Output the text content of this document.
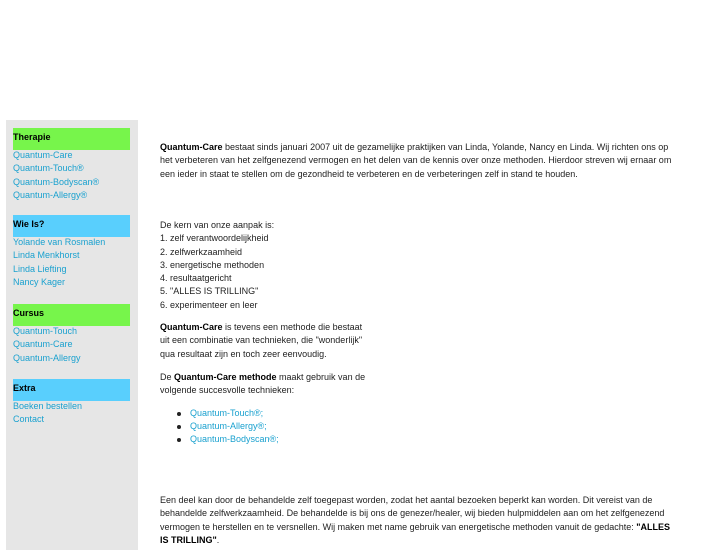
Therapie
Quantum-Care
Quantum-Touch®
Quantum-Bodyscan®
Quantum-Allergy®
Wie Is?
Yolande van Rosmalen
Linda Menkhorst
Linda Liefting
Nancy Kager
Cursus
Quantum-Touch
Quantum-Care
Quantum-Allergy
Extra
Boeken bestellen
Contact
Quantum-Care bestaat sinds januari 2007 uit de gezamelijke praktijken van Linda, Yolande, Nancy en Linda. Wij richten ons op
het verbeteren van het zelfgenezend vermogen en het delen van de kennis over onze methoden. Hierdoor streven wij ernaar om
een ieder in staat te stellen om de gezondheid te verbeteren en de verbeteringen zelf in stand te houden.
De kern van onze aanpak is:
1. zelf verantwoordelijkheid
2. zelfwerkzaamheid
3. energetische methoden
4. resultaatgericht
5. "ALLES IS TRILLING"
6. experimenteer en leer
Quantum-Care is tevens een methode die bestaat
uit een combinatie van technieken, die "wonderlijk"
qua resultaat zijn en toch zeer eenvoudig.
De Quantum-Care methode maakt gebruik van de
volgende succesvolle technieken:
Quantum-Touch®;
Quantum-Allergy®;
Quantum-Bodyscan®;
Een deel kan door de behandelde zelf toegepast worden, zodat het aantal bezoeken beperkt kan worden. Dit vereist van de
behandelde zelfwerkzaamheid. De behandelde is bij ons de genezer/healer, wij bieden hulpmiddelen aan om het zelfgenezend
vermogen te herstellen en te versnellen. Wij maken met name gebruik van energetische methoden vanuit de gedachte: "ALLES
IS TRILLING".
